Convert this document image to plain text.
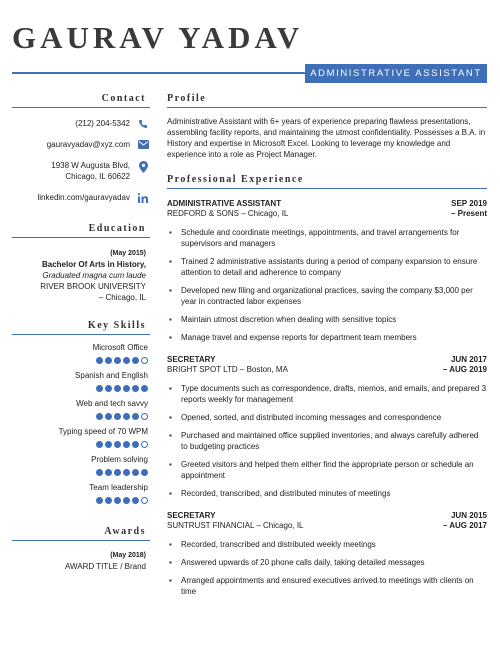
GAURAV YADAV
ADMINISTRATIVE ASSISTANT
Contact
(212) 204-5342
gauravyadav@xyz.com
1938 W Augusta Blvd,
Chicago, IL 60622
linkedin.com/gauravyadav
Education
(May 2015)
Bachelor Of Arts in History,
Graduated magna cum laude
RIVER BROOK UNIVERSITY
– Chicago, IL
Key Skills
Microsoft Office
Spanish and English
Web and tech savvy
Typing speed of 70 WPM
Problem solving
Team leadership
Awards
(May 2018)
AWARD TITLE / Brand
Profile
Administrative Assistant with 6+ years of experience preparing flawless presentations, assembling facility reports, and maintaining the utmost confidentiality. Possesses a B.A. in History and expertise in Microsoft Excel. Looking to leverage my knowledge and experience into a role as Project Manager.
Professional Experience
ADMINISTRATIVE ASSISTANT
REDFORD & SONS – Chicago, IL
SEP 2019
– Present
▪ Schedule and coordinate meetings, appointments, and travel arrangements for supervisors and managers
▪ Trained 2 administrative assistants during a period of company expansion to ensure attention to detail and adherence to company
▪ Developed new filing and organizational practices, saving the company $3,000 per year in contracted labor expenses
▪ Maintain utmost discretion when dealing with sensitive topics
▪ Manage travel and expense reports for department team members
SECRETARY
BRIGHT SPOT LTD – Boston, MA
JUN 2017
– AUG 2019
▪ Type documents such as correspondence, drafts, memos, and emails, and prepared 3 reports weekly for management
▪ Opened, sorted, and distributed incoming messages and correspondence
▪ Purchased and maintained office supplied inventories, and always carefully adhered to budgeting practices
▪ Greeted visitors and helped them either find the appropriate person or schedule an appointment
▪ Recorded, transcribed, and distributed minutes of meetings
SECRETARY
SUNTRUST FINANCIAL – Chicago, IL
JUN 2015
– AUG 2017
▪ Recorded, transcribed and distributed weekly meetings
▪ Answered upwards of 20 phone calls daily, taking detailed messages
▪ Arranged appointments and ensured executives arrived to meetings with clients on time
